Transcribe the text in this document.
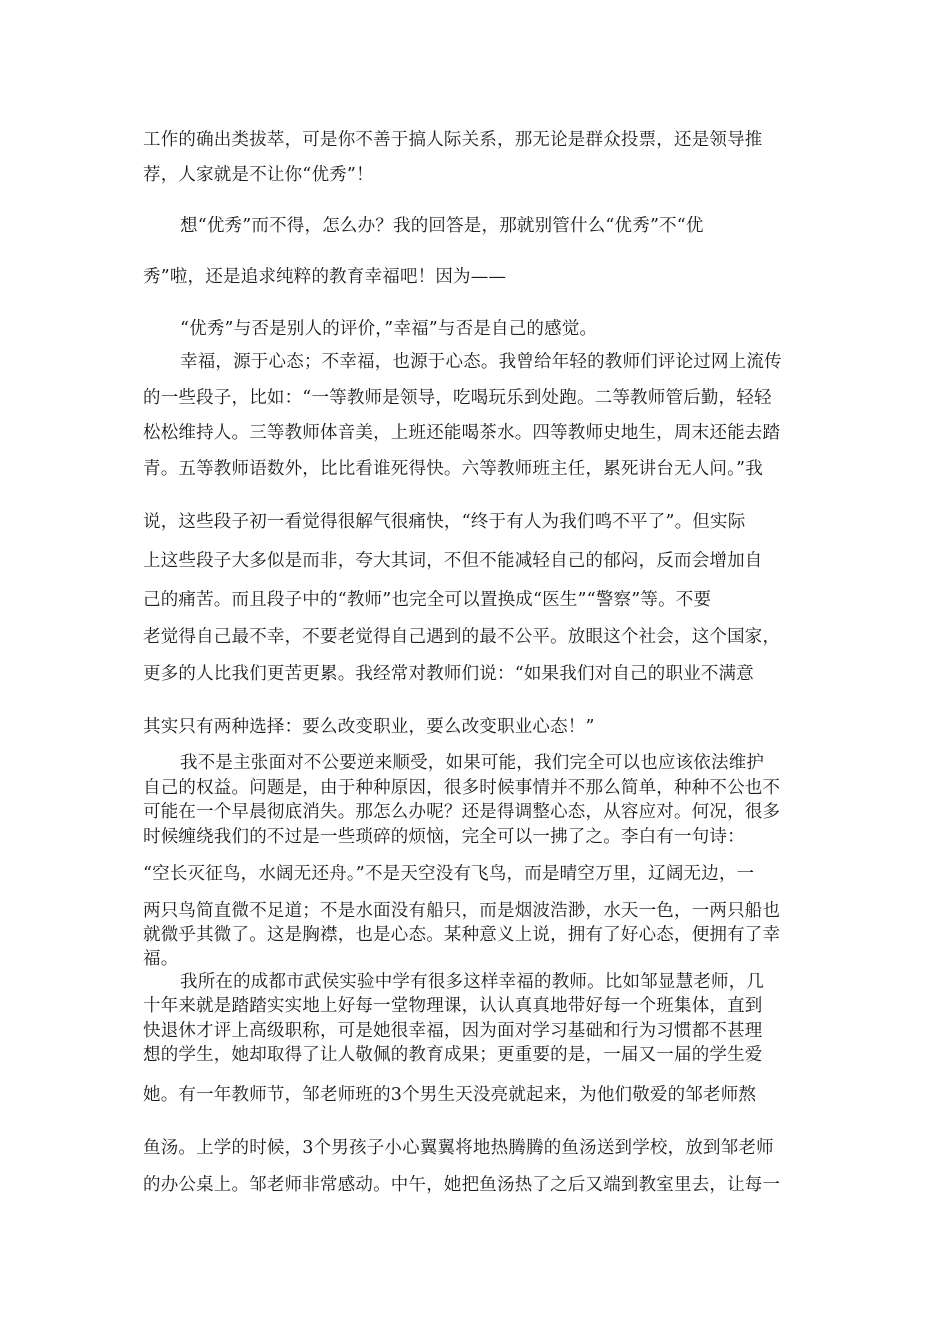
工作的确出类拔萃，可是你不善于搞人际关系，那无论是群众投票，还是领导推
荐，人家就是不让你“优秀”！
想“优秀”而不得，怎么办？我的回答是，那就别管什么“优秀”不“优
秀”啦，还是追求纯粹的教育幸福吧！因为——
“优秀”与否是别人的评价，”幸福”与否是自己的感觉。
幸福，源于心态；不幸福，也源于心态。我曾给年轻的教师们评论过网上流传
的一些段子，比如：“一等教师是领导，吃喝玩乐到处跑。二等教师管后勤，轻轻
松松维持人。三等教师体音美，上班还能喝茶水。四等教师史地生，周末还能去踏
青。五等教师语数外，比比看谁死得快。六等教师班主任，累死讲台无人问。”我
说，这些段子初一看觉得很解气很痛快，“终于有人为我们鸣不平了”。但实际
上这些段子大多似是而非，夸大其词，不但不能减轻自己的郁闷，反而会增加自
己的痛苦。而且段子中的“教师”也完全可以置换成“医生”“警察”等。不要
老觉得自己最不幸，不要老觉得自己遇到的最不公平。放眼这个社会，这个国家，
更多的人比我们更苦更累。我经常对教师们说：“如果我们对自己的职业不满意
其实只有两种选择：要么改变职业，要么改变职业心态！”
我不是主张面对不公要逆来顺受，如果可能，我们完全可以也应该依法维护
自己的权益。问题是，由于种种原因，很多时候事情并不那么简单，种种不公也不
可能在一个早晨彻底消失。那怎么办呢？还是得调整心态，从容应对。何况，很多
时候缠绕我们的不过是一些琐碎的烦恼，完全可以一拂了之。李白有一句诗：
“空长灭征鸟，水阔无还舟。”不是天空没有飞鸟，而是晴空万里，辽阔无边，一
两只鸟简直微不足道；不是水面没有船只，而是烟波浩渺，水天一色，一两只船也
就微乎其微了。这是胸襟，也是心态。某种意义上说，拥有了好心态，便拥有了幸
福。
我所在的成都市武侯实验中学有很多这样幸福的教师。比如邹显慧老师，几
十年来就是踏踏实实地上好每一堂物理课，认认真真地带好每一个班集体，直到
快退休才评上高级职称，可是她很幸福，因为面对学习基础和行为习惯都不甚理
想的学生，她却取得了让人敬佩的教育成果；更重要的是，一届又一届的学生爱
她。有一年教师节，邹老师班的3个男生天没亮就起来，为他们敬爱的邹老师熬
鱼汤。上学的时候，3个男孩子小心翼翼将地热腾腾的鱼汤送到学校，放到邹老师
的办公桌上。邹老师非常感动。中午，她把鱼汤热了之后又端到教室里去，让每一
